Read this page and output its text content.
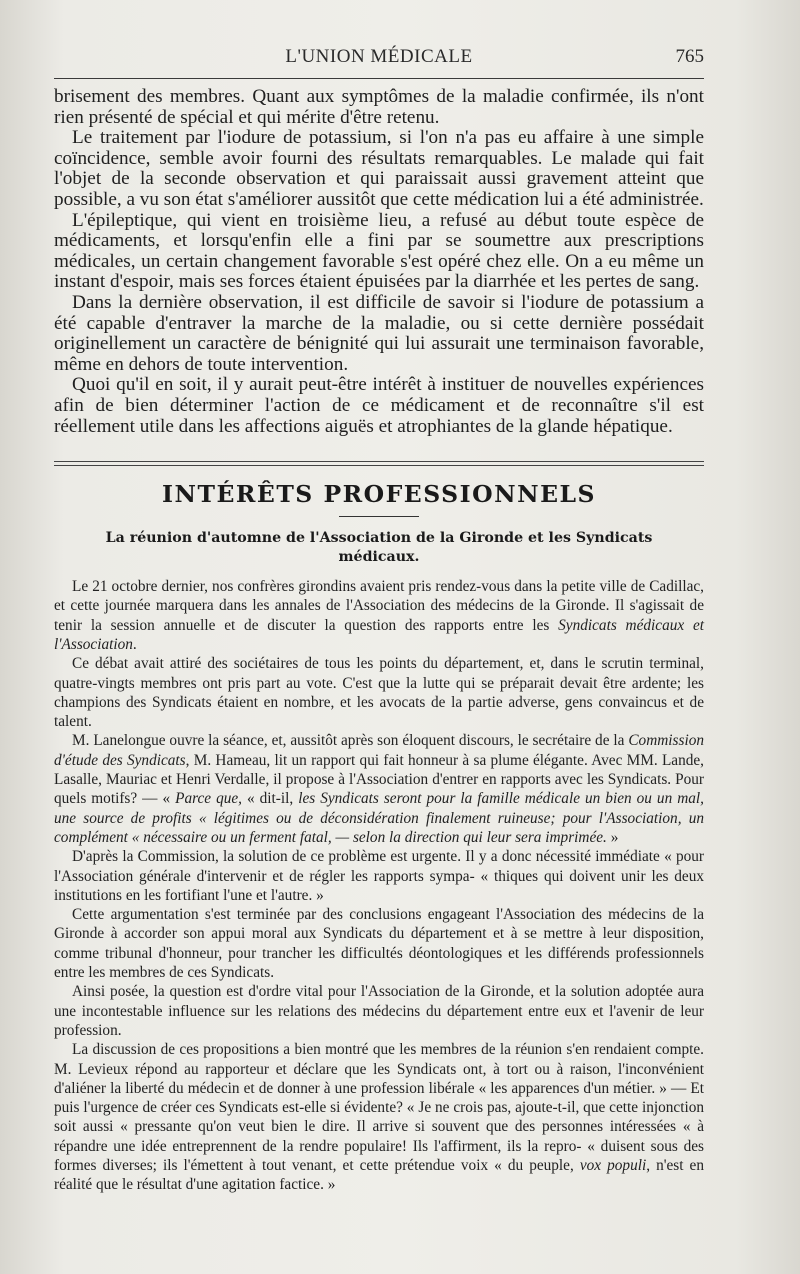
L'UNION MÉDICALE	765

brisement des membres. Quant aux symptômes de la maladie confirmée, ils n'ont rien présenté de spécial et qui mérite d'être retenu.

Le traitement par l'iodure de potassium, si l'on n'a pas eu affaire à une simple coïncidence, semble avoir fourni des résultats remarquables. Le malade qui fait l'objet de la seconde observation et qui paraissait aussi gravement atteint que possible, a vu son état s'améliorer aussitôt que cette médication lui a été administrée.

L'épileptique, qui vient en troisième lieu, a refusé au début toute espèce de médicaments, et lorsqu'enfin elle a fini par se soumettre aux prescriptions médicales, un certain changement favorable s'est opéré chez elle. On a eu même un instant d'espoir, mais ses forces étaient épuisées par la diarrhée et les pertes de sang.

Dans la dernière observation, il est difficile de savoir si l'iodure de potassium a été capable d'entraver la marche de la maladie, ou si cette dernière possédait originellement un caractère de bénignité qui lui assurait une terminaison favorable, même en dehors de toute intervention.

Quoi qu'il en soit, il y aurait peut-être intérêt à instituer de nouvelles expériences afin de bien déterminer l'action de ce médicament et de reconnaître s'il est réellement utile dans les affections aiguës et atrophiantes de la glande hépatique.

INTÉRÊTS PROFESSIONNELS
La réunion d'automne de l'Association de la Gironde et les Syndicats médicaux.

Le 21 octobre dernier, nos confrères girondins avaient pris rendez-vous dans la petite ville de Cadillac, et cette journée marquera dans les annales de l'Association des médecins de la Gironde. Il s'agissait de tenir la session annuelle et de discuter la question des rapports entre les Syndicats médicaux et l'Association.

Ce débat avait attiré des sociétaires de tous les points du département, et, dans le scrutin terminal, quatre-vingts membres ont pris part au vote. C'est que la lutte qui se préparait devait être ardente; les champions des Syndicats étaient en nombre, et les avocats de la partie adverse, gens convaincus et de talent.

M. Lanelongue ouvre la séance, et, aussitôt après son éloquent discours, le secrétaire de la Commission d'étude des Syndicats, M. Hameau, lit un rapport qui fait honneur à sa plume élégante. Avec MM. Lande, Lasalle, Mauriac et Henri Verdalle, il propose à l'Association d'entrer en rapports avec les Syndicats. Pour quels motifs? — « Parce que, « dit-il, les Syndicats seront pour la famille médicale un bien ou un mal, une source de profits « légitimes ou de déconsidération finalement ruineuse; pour l'Association, un complément « nécessaire ou un ferment fatal, — selon la direction qui leur sera imprimée. »

D'après la Commission, la solution de ce problème est urgente. Il y a donc nécessité immédiate « pour l'Association générale d'intervenir et de régler les rapports sympa- « thiques qui doivent unir les deux institutions en les fortifiant l'une et l'autre. »

Cette argumentation s'est terminée par des conclusions engageant l'Association des médecins de la Gironde à accorder son appui moral aux Syndicats du département et à se mettre à leur disposition, comme tribunal d'honneur, pour trancher les difficultés déontologiques et les différends professionnels entre les membres de ces Syndicats.

Ainsi posée, la question est d'ordre vital pour l'Association de la Gironde, et la solution adoptée aura une incontestable influence sur les relations des médecins du département entre eux et l'avenir de leur profession.

La discussion de ces propositions a bien montré que les membres de la réunion s'en rendaient compte. M. Levieux répond au rapporteur et déclare que les Syndicats ont, à tort ou à raison, l'inconvénient d'aliéner la liberté du médecin et de donner à une profession libérale « les apparences d'un métier. » — Et puis l'urgence de créer ces Syndicats est-elle si évidente? « Je ne crois pas, ajoute-t-il, que cette injonction soit aussi « pressante qu'on veut bien le dire. Il arrive si souvent que des personnes intéressées « à répandre une idée entreprennent de la rendre populaire! Ils l'affirment, ils la repro- « duisent sous des formes diverses; ils l'émettent à tout venant, et cette prétendue voix « du peuple, vox populi, n'est en réalité que le résultat d'une agitation factice. »
